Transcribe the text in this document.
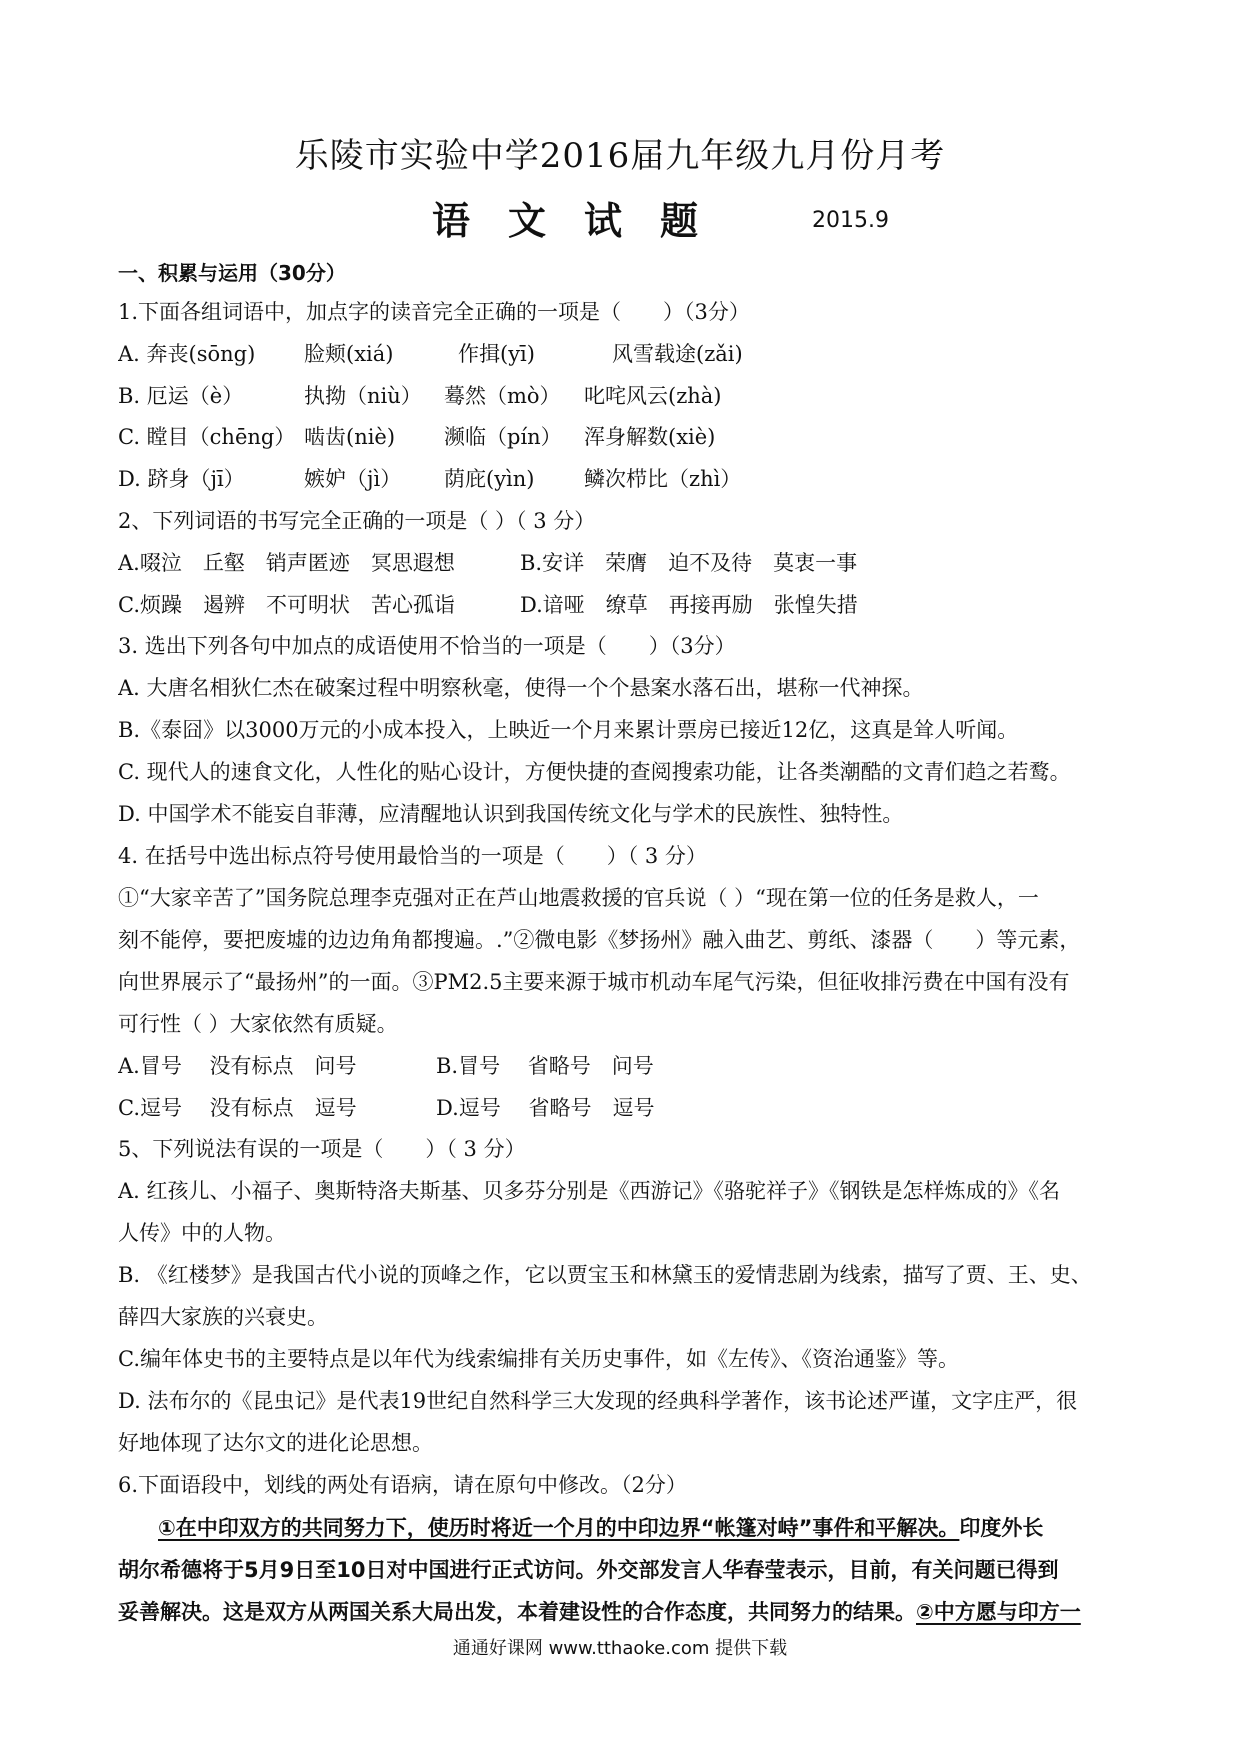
乐陵市实验中学2016届九年级九月份月考
语文试题	2015.9
一、积累与运用（30分）
1.下面各组词语中，加点字的读音完全正确的一项是（　　）（3分）
A. 奔丧(sōng) 脸颊(xiá)	作揖(yī)	风雪载途(zǎi)
B. 厄运（è）	执拗（niù） 蓦然（mò） 叱咤风云(zhà)
C. 瞠目（chēng） 啮齿(niè) 濒临（pín） 浑身解数(xiè)
D. 跻身（jī）	嫉妒（jì） 荫庇(yìn) 鳞次栉比（zhì）
2、下列词语的书写完全正确的一项是（ ）（ 3 分）
A.啜泣　丘壑　销声匿迹　冥思遐想	B.安详　荣膺　迫不及待　莫衷一事
C.烦躁　遏辨　不可明状　苦心孤诣	D.谙哑　缭草　再接再励　张惶失措
3. 选出下列各句中加点的成语使用不恰当的一项是（　　）（3分）
A. 大唐名相狄仁杰在破案过程中明察秋毫，使得一个个悬案水落石出，堪称一代神探。
B.《泰囧》以3000万元的小成本投入，上映近一个月来累计票房已接近12亿，这真是耸人听闻。
C. 现代人的速食文化，人性化的贴心设计，方便快捷的查阅搜索功能，让各类潮酷的文青们趋之若鹜。
D. 中国学术不能妄自菲薄，应清醒地认识到我国传统文化与学术的民族性、独特性。
4. 在括号中选出标点符号使用最恰当的一项是（　　）（ 3 分）
①“大家辛苦了”国务院总理李克强对正在芦山地震救援的官兵说（ ）“现在第一位的任务是救人，一
刻不能停，要把废墟的边边角角都搜遍。.”②微电影《梦扬州》融入曲艺、剪纸、漆器（　　）等元素，
向世界展示了“最扬州”的一面。③PM2.5主要来源于城市机动车尾气污染，但征收排污费在中国有没有
可行性（ ）大家依然有质疑。
A.冒号　 没有标点　问号	B.冒号　 省略号　问号
C.逗号　 没有标点　逗号	D.逗号　 省略号　逗号
5、下列说法有误的一项是（　　）（ 3 分）
A. 红孩儿、小福子、奥斯特洛夫斯基、贝多芬分别是《西游记》《骆驼祥子》《钢铁是怎样炼成的》《名
人传》中的人物。
B. 《红楼梦》是我国古代小说的顶峰之作，它以贾宝玉和林黛玉的爱情悲剧为线索，描写了贾、王、史、
薛四大家族的兴衰史。
C.编年体史书的主要特点是以年代为线索编排有关历史事件，如《左传》、《资治通鉴》等。
D. 法布尔的《昆虫记》是代表19世纪自然科学三大发现的经典科学著作，该书论述严谨，文字庄严，很
好地体现了达尔文的进化论思想。
6.下面语段中，划线的两处有语病，请在原句中修改。（2分）
①在中印双方的共同努力下，使历时将近一个月的中印边界“帐篷对峙”事件和平解决。印度外长
胡尔希德将于5月9日至10日对中国进行正式访问。外交部发言人华春莹表示，目前，有关问题已得到
妥善解决。这是双方从两国关系大局出发，本着建设性的合作态度，共同努力的结果。②中方愿与印方一
通通好课网 www.tthaoke.com 提供下载
